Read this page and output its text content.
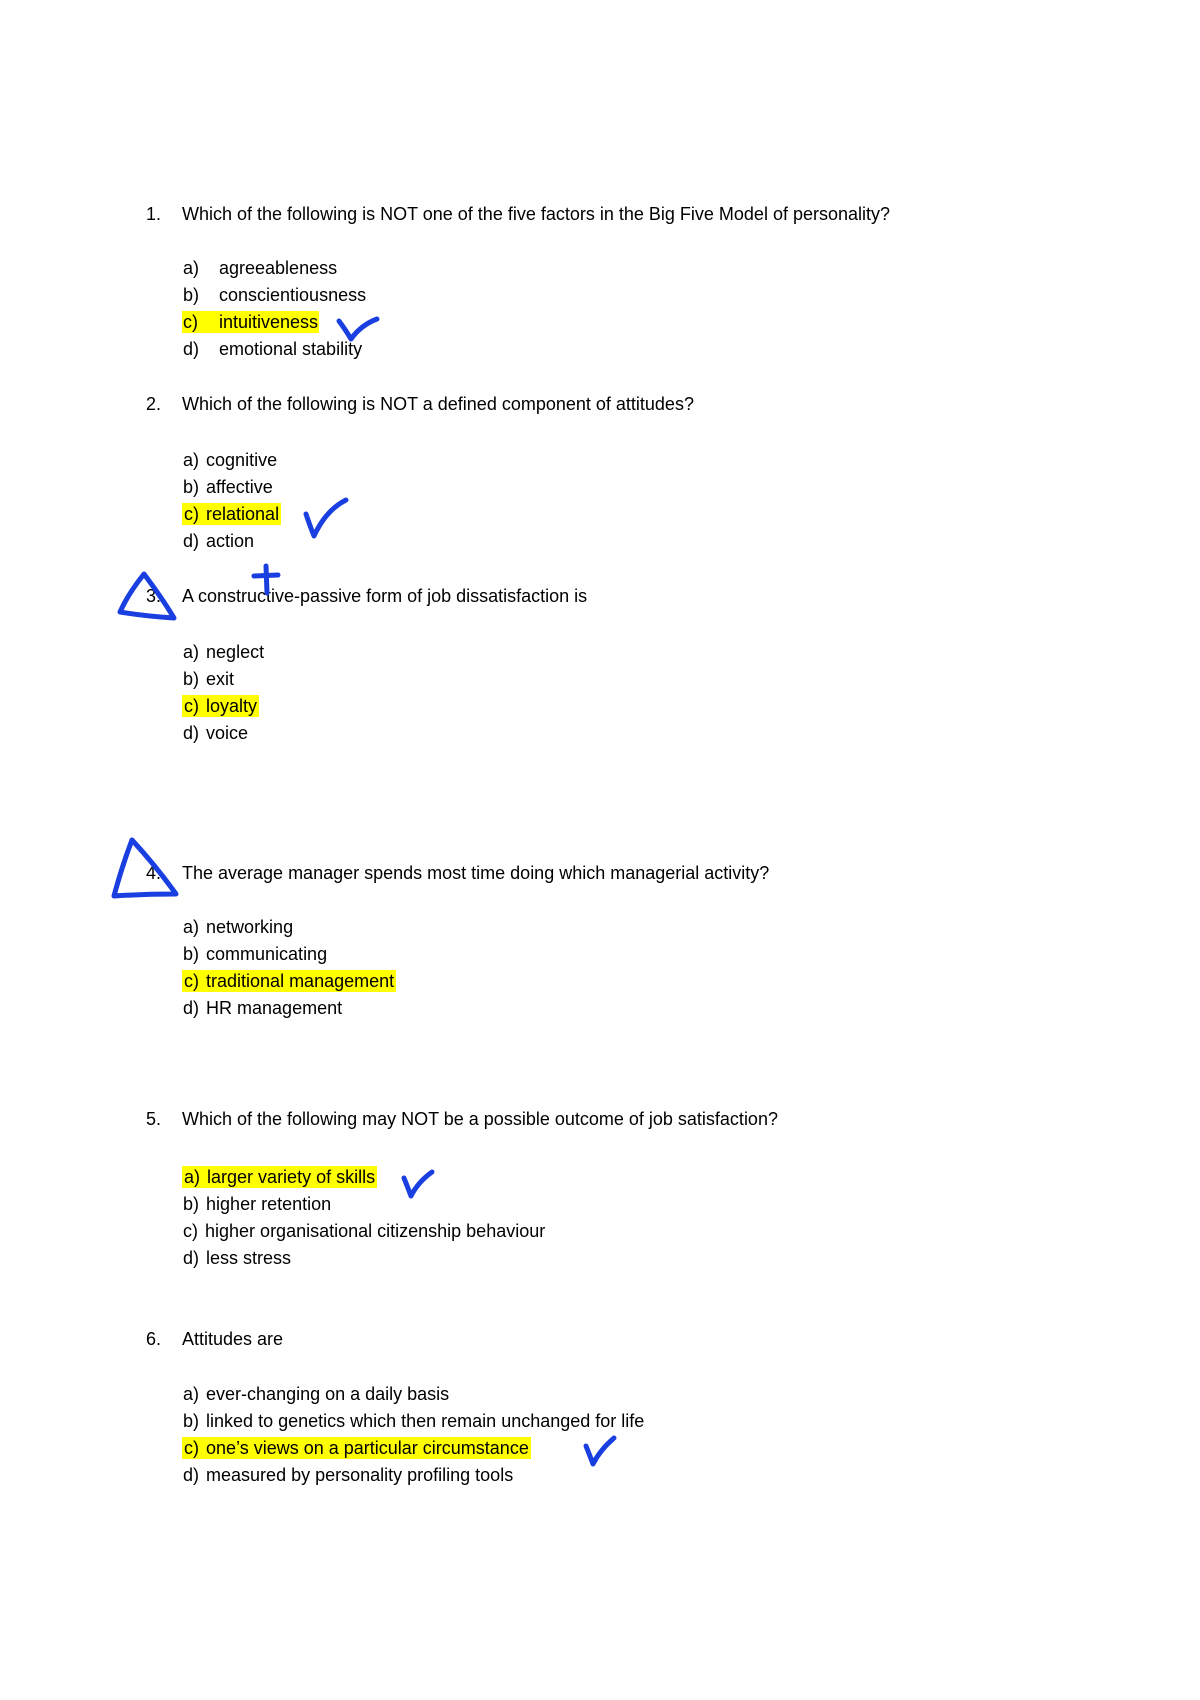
1.	Which of the following is NOT one of the five factors in the Big Five Model of personality?
a) agreeableness
b) conscientiousness
c) intuitiveness
d) emotional stability
2.	Which of the following is NOT a defined component of attitudes?
a) cognitive
b) affective
c) relational
d) action
3.	A constructive-passive form of job dissatisfaction is
a) neglect
b) exit
c) loyalty
d) voice
4.	The average manager spends most time doing which managerial activity?
a) networking
b) communicating
c) traditional management
d) HR management
5.	Which of the following may NOT be a possible outcome of job satisfaction?
a) larger variety of skills
b) higher retention
c) higher organisational citizenship behaviour
d) less stress
6.	Attitudes are
a) ever-changing on a daily basis
b) linked to genetics which then remain unchanged for life
c) one’s views on a particular circumstance
d) measured by personality profiling tools
